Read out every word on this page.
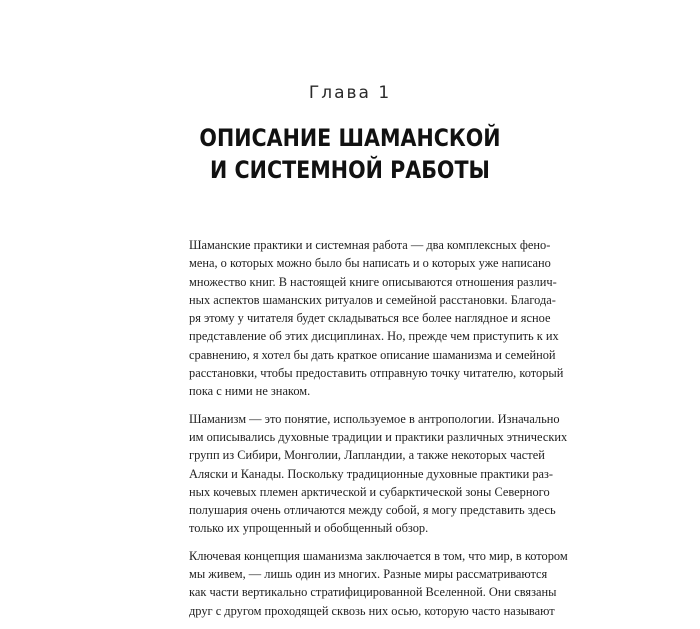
Глава 1
ОПИСАНИЕ ШАМАНСКОЙ
И СИСТЕМНОЙ РАБОТЫ

Шаманские практики и системная работа — два комплексных фено-
мена, о которых можно было бы написать и о которых уже написано
множество книг. В настоящей книге описываются отношения различ-
ных аспектов шаманских ритуалов и семейной расстановки. Благода-
ря этому у читателя будет складываться все более наглядное и ясное
представление об этих дисциплинах. Но, прежде чем приступить к их
сравнению, я хотел бы дать краткое описание шаманизма и семейной
расстановки, чтобы предоставить отправную точку читателю, который
пока с ними не знаком.

Шаманизм — это понятие, используемое в антропологии. Изначально
им описывались духовные традиции и практики различных этнических
групп из Сибири, Монголии, Лапландии, а также некоторых частей
Аляски и Канады. Поскольку традиционные духовные практики раз-
ных кочевых племен арктической и субарктической зоны Северного
полушария очень отличаются между собой, я могу представить здесь
только их упрощенный и обобщенный обзор.

Ключевая концепция шаманизма заключается в том, что мир, в котором
мы живем, — лишь один из многих. Разные миры рассматриваются
как части вертикально стратифицированной Вселенной. Они связаны
друг с другом проходящей сквозь них осью, которую часто называют
